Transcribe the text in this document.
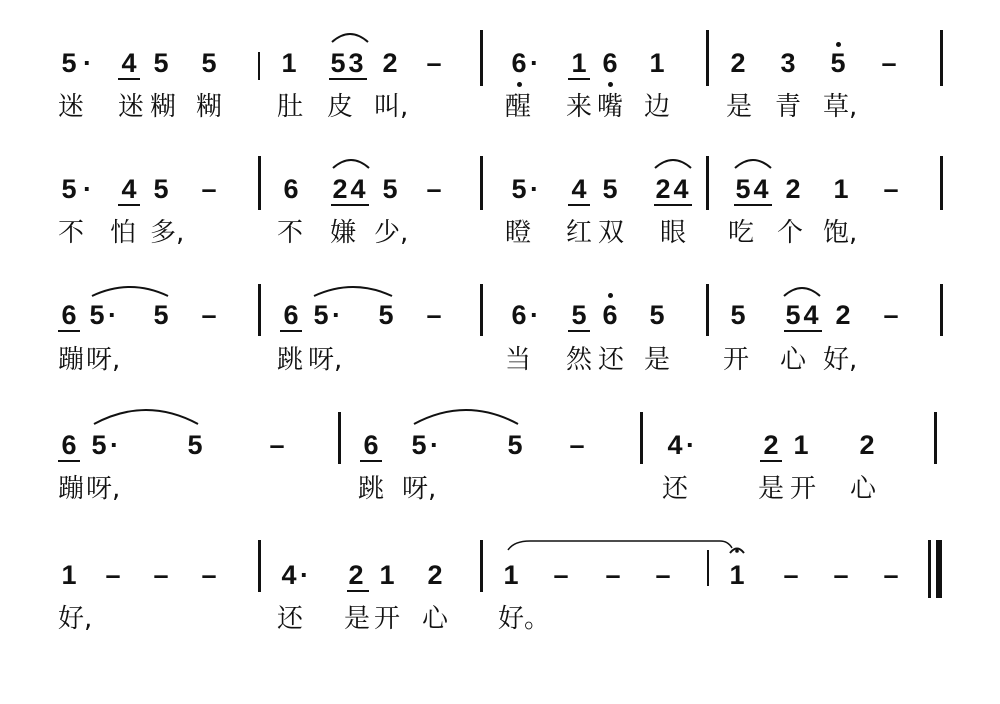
5 · 4 5 5 1 5 3 2 –	6 · 1 6 1 2 3 5 –
迷 迷 糊 糊 肚 皮 叫,	醒 来 嘴 边 是 青 草,
5 · 4 5 – 6 2 4 5 –	5 · 4 5 2 4 5 4 2 1 –
不 怕 多,	不 嫌 少,	瞪 红 双 眼 吃 个 饱,
6 5 · 5 – 6 5 · 5 –	6 · 5 6 5 5 5 4 2 –
蹦 呀,	跳 呀,	当 然 还 是 开 心 好,
6 5 ·	5 –	6 5 ·	5 –	4 ·	2 1 2
蹦 呀,	跳 呀,	还	是 开 心
1 – – – 4 · 2 1 2 1 – – – 1 – – –
好,	还 是 开 心 好。
